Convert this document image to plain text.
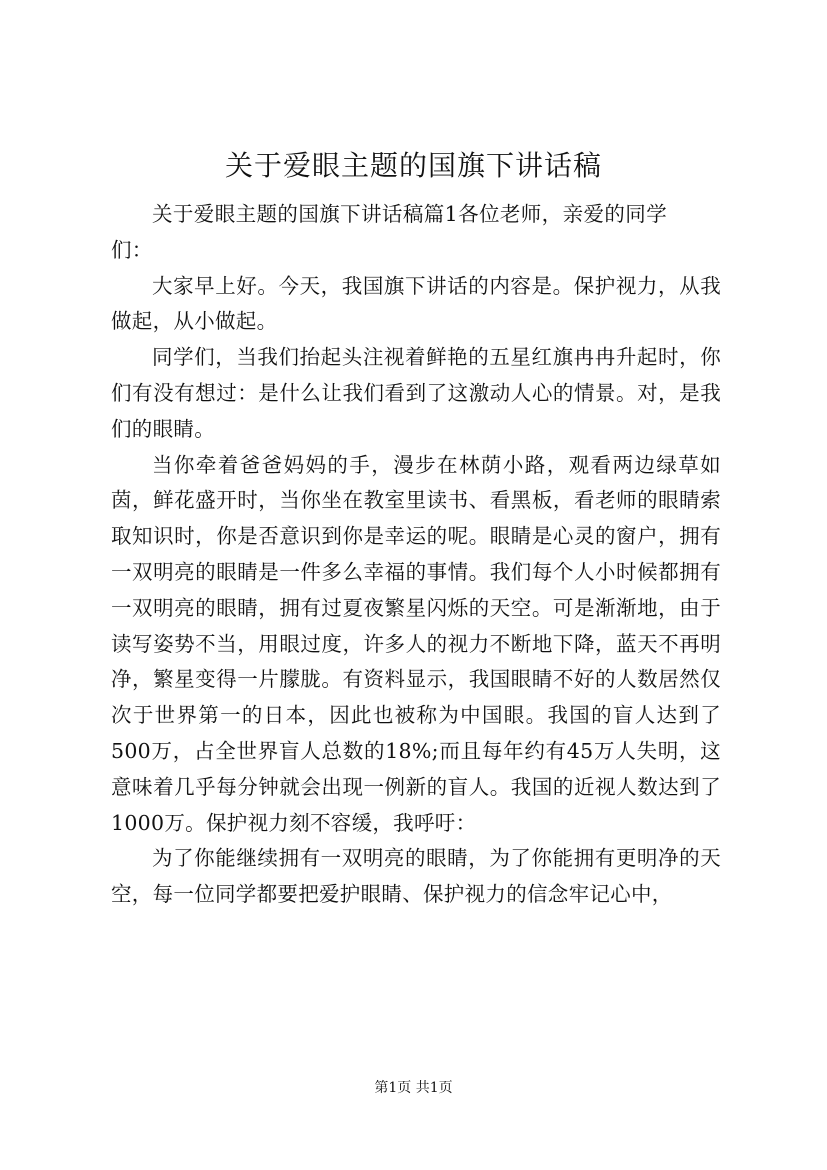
关于爱眼主题的国旗下讲话稿

关于爱眼主题的国旗下讲话稿篇1各位老师，亲爱的同学们：

大家早上好。今天，我国旗下讲话的内容是。保护视力，从我做起，从小做起。

同学们，当我们抬起头注视着鲜艳的五星红旗冉冉升起时，你们有没有想过：是什么让我们看到了这激动人心的情景。对，是我们的眼睛。

当你牵着爸爸妈妈的手，漫步在林荫小路，观看两边绿草如茵，鲜花盛开时，当你坐在教室里读书、看黑板，看老师的眼睛索取知识时，你是否意识到你是幸运的呢。眼睛是心灵的窗户，拥有一双明亮的眼睛是一件多么幸福的事情。我们每个人小时候都拥有一双明亮的眼睛，拥有过夏夜繁星闪烁的天空。可是渐渐地，由于读写姿势不当，用眼过度，许多人的视力不断地下降，蓝天不再明净，繁星变得一片朦胧。有资料显示，我国眼睛不好的人数居然仅次于世界第一的日本，因此也被称为中国眼。我国的盲人达到了500万，占全世界盲人总数的18%;而且每年约有45万人失明，这意味着几乎每分钟就会出现一例新的盲人。我国的近视人数达到了1000万。保护视力刻不容缓，我呼吁：

为了你能继续拥有一双明亮的眼睛，为了你能拥有更明净的天空，每一位同学都要把爱护眼睛、保护视力的信念牢记心中，

第1页 共1页
